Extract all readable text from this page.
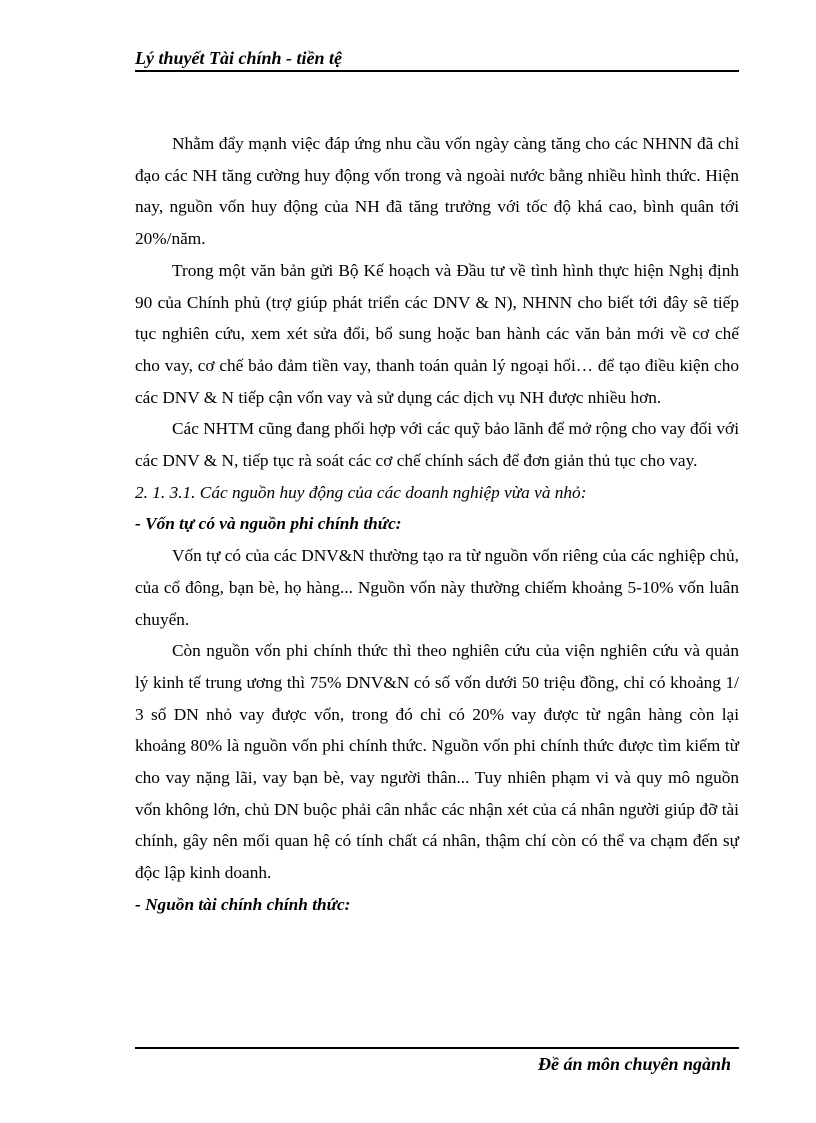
Lý thuyết Tài chính - tiền tệ

Nhằm đẩy mạnh việc đáp ứng nhu cầu vốn ngày càng tăng cho các NHNN đã chỉ đạo các NH tăng cường huy động vốn trong và ngoài nước bằng nhiều hình thức. Hiện nay, nguồn vốn huy động của NH đã tăng trưởng với tốc độ khá cao, bình quân tới 20%/năm.

Trong một văn bản gửi Bộ Kế hoạch và Đầu tư về tình hình thực hiện Nghị định 90 của Chính phủ (trợ giúp phát triển các DNV & N), NHNN cho biết tới đây sẽ tiếp tục nghiên cứu, xem xét sửa đổi, bổ sung hoặc ban hành các văn bản mới về cơ chế cho vay, cơ chế bảo đảm tiền vay, thanh toán quản lý ngoại hối… để tạo điều kiện cho các DNV & N tiếp cận vốn vay và sử dụng các dịch vụ NH được nhiều hơn.

Các NHTM cũng đang phối hợp với các quỹ bảo lãnh để mở rộng cho vay đối với các DNV & N, tiếp tục rà soát các cơ chế chính sách để đơn giản thủ tục cho vay.

2. 1. 3.1. Các nguồn huy động của các doanh nghiệp vừa và nhỏ:

- Vốn tự có và nguồn phi chính thức:

Vốn tự có của các DNV&N thường tạo ra từ nguồn vốn riêng của các nghiệp chủ, của cổ đông, bạn bè, họ hàng... Nguồn vốn này thường chiếm khoảng 5-10% vốn luân chuyển.

Còn nguồn vốn phi chính thức thì theo nghiên cứu của viện nghiên cứu và quản lý kinh tế trung ương thì 75% DNV&N có số vốn dưới 50 triệu đồng, chỉ có khoảng 1/ 3 số DN nhỏ vay được vốn, trong đó chỉ có 20% vay được từ ngân hàng còn lại khoảng 80% là nguồn vốn phi chính thức. Nguồn vốn phi chính thức được tìm kiếm từ cho vay nặng lãi, vay bạn bè, vay người thân... Tuy nhiên phạm vi và quy mô nguồn vốn không lớn, chủ DN buộc phải cân nhắc các nhận xét của cá nhân người giúp đỡ tài chính, gây nên mối quan hệ có tính chất cá nhân, thậm chí còn có thể va chạm đến sự độc lập kinh doanh.

- Nguồn tài chính chính thức:

Đề án môn chuyên ngành
